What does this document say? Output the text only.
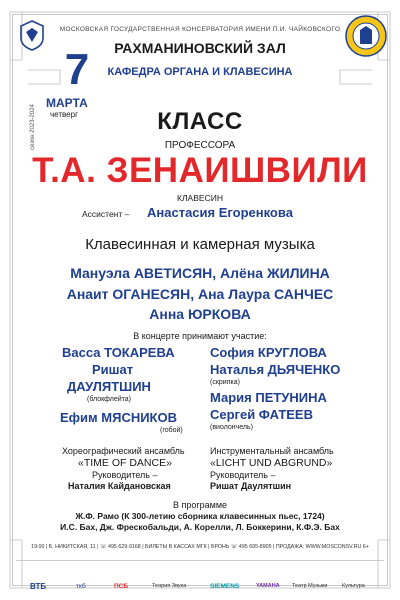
МОСКОВСКАЯ ГОСУДАРСТВЕННАЯ КОНСЕРВАТОРИЯ ИМЕНИ П.И. ЧАЙКОВСКОГО
РАХМАНИНОВСКИЙ ЗАЛ
КАФЕДРА ОРГАНА И КЛАВЕСИНА
7
МАРТА
четверг
сезон 2023-2024	КЛАСС
ПРОФЕССОРА
Т.А. ЗЕНАИШВИЛИ
КЛАВЕСИН
Ассистент – Анастасия Егоренкова
Клавесинная и камерная музыка
Мануэла АВЕТИСЯН, Алёна ЖИЛИНА
Анаит ОГАНЕСЯН, Ана Лаура САНЧЕС
Анна ЮРКОВА
В концерте принимают участие:
Васса ТОКАРЕВА
Ришат
ДАУЛЯТШИН
(блокфлейта)
Ефим МЯСНИКОВ
(гобой)
София КРУГЛОВА
Наталья ДЬЯЧЕНКО
(скрипка)
Мария ПЕТУНИНА
Сергей ФАТЕЕВ
(виолончель)
Хореографический ансамбль
«TIME OF DANCE»
Руководитель –
Наталия Кайдановская
Инструментальный ансамбль
«LICHT UND ABGRUND»
Руководитель –
Ришат Даулятшин
В программе
Ж.Ф. Рамо (К 300-летию сборника клавесинных пьес, 1724)
И.С. Бах, Дж. Фрескобальди, А. Корелли, Л. Боккерини, К.Ф.Э. Бах
19:00 | Б. НИКИТСКАЯ, 11 | ☏ 495 629-9168 | БИЛЕТЫ В КАССАХ МГК | БРОНЬ ☏ 495 695-8905 | ПРОДАЖА: WWW.MOSCONSV.RU 6+
ВТБ	ткб	ПСБ	Теория Звука	SIEMENS	YAMAHA Театр Музыки	Культура
